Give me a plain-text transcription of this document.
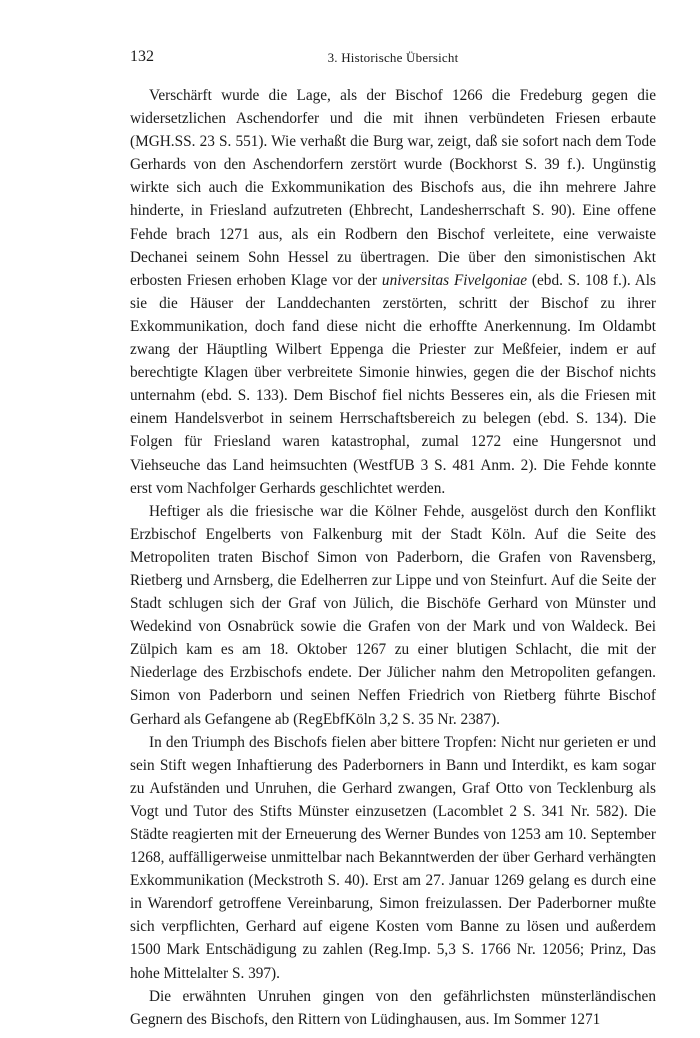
132	3. Historische Übersicht

Verschärft wurde die Lage, als der Bischof 1266 die Fredeburg gegen die widersetzlichen Aschendorfer und die mit ihnen verbündeten Friesen erbaute (MGH.SS. 23 S. 551). Wie verhaßt die Burg war, zeigt, daß sie sofort nach dem Tode Gerhards von den Aschendorfern zerstört wurde (Bockhorst S. 39 f.). Ungünstig wirkte sich auch die Exkommunikation des Bischofs aus, die ihn mehrere Jahre hinderte, in Friesland aufzutreten (Ehbrecht, Landesherrschaft S. 90). Eine offene Fehde brach 1271 aus, als ein Rodbern den Bischof verleitete, eine verwaiste Dechanei seinem Sohn Hessel zu übertragen. Die über den simonistischen Akt erbosten Friesen erhoben Klage vor der universitas Fivelgoniae (ebd. S. 108 f.). Als sie die Häuser der Landdechanten zerstörten, schritt der Bischof zu ihrer Exkommunikation, doch fand diese nicht die erhoffte Anerkennung. Im Oldambt zwang der Häuptling Wilbert Eppenga die Priester zur Meßfeier, indem er auf berechtigte Klagen über verbreitete Simonie hinwies, gegen die der Bischof nichts unternahm (ebd. S. 133). Dem Bischof fiel nichts Besseres ein, als die Friesen mit einem Handelsverbot in seinem Herrschaftsbereich zu belegen (ebd. S. 134). Die Folgen für Friesland waren katastrophal, zumal 1272 eine Hungersnot und Viehseuche das Land heimsuchten (WestfUB 3 S. 481 Anm. 2). Die Fehde konnte erst vom Nachfolger Gerhards geschlichtet werden.

Heftiger als die friesische war die Kölner Fehde, ausgelöst durch den Konflikt Erzbischof Engelberts von Falkenburg mit der Stadt Köln. Auf die Seite des Metropoliten traten Bischof Simon von Paderborn, die Grafen von Ravensberg, Rietberg und Arnsberg, die Edelherren zur Lippe und von Steinfurt. Auf die Seite der Stadt schlugen sich der Graf von Jülich, die Bischöfe Gerhard von Münster und Wedekind von Osnabrück sowie die Grafen von der Mark und von Waldeck. Bei Zülpich kam es am 18. Oktober 1267 zu einer blutigen Schlacht, die mit der Niederlage des Erzbischofs endete. Der Jülicher nahm den Metropoliten gefangen. Simon von Paderborn und seinen Neffen Friedrich von Rietberg führte Bischof Gerhard als Gefangene ab (RegEbfKöln 3,2 S. 35 Nr. 2387).

In den Triumph des Bischofs fielen aber bittere Tropfen: Nicht nur gerieten er und sein Stift wegen Inhaftierung des Paderborners in Bann und Interdikt, es kam sogar zu Aufständen und Unruhen, die Gerhard zwangen, Graf Otto von Tecklenburg als Vogt und Tutor des Stifts Münster einzusetzen (Lacomblet 2 S. 341 Nr. 582). Die Städte reagierten mit der Erneuerung des Werner Bundes von 1253 am 10. September 1268, auffälligerweise unmittelbar nach Bekanntwerden der über Gerhard verhängten Exkommunikation (Meckstroth S. 40). Erst am 27. Januar 1269 gelang es durch eine in Warendorf getroffene Vereinbarung, Simon freizulassen. Der Paderborner mußte sich verpflichten, Gerhard auf eigene Kosten vom Banne zu lösen und außerdem 1500 Mark Entschädigung zu zahlen (Reg.Imp. 5,3 S. 1766 Nr. 12056; Prinz, Das hohe Mittelalter S. 397).

Die erwähnten Unruhen gingen von den gefährlichsten münsterländischen Gegnern des Bischofs, den Rittern von Lüdinghausen, aus. Im Sommer 1271
